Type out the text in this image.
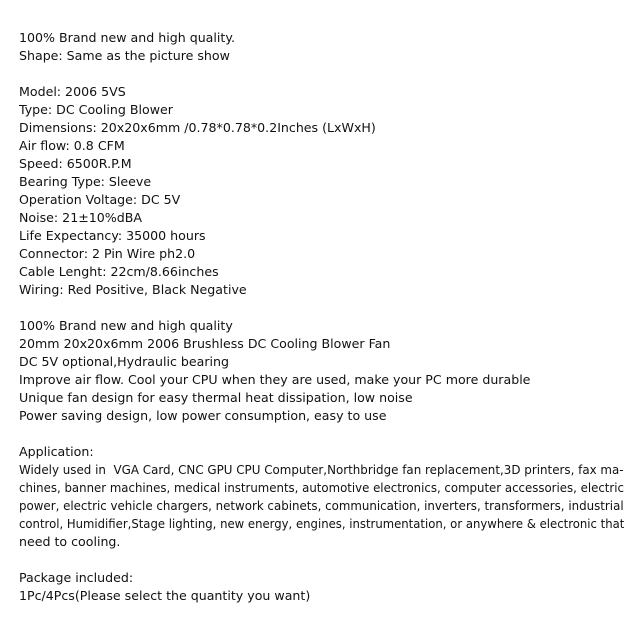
100% Brand new and high quality.
Shape: Same as the picture show
Model: 2006 5VS
Type: DC Cooling Blower
Dimensions: 20x20x6mm /0.78*0.78*0.2Inches (LxWxH)
Air flow: 0.8 CFM
Speed: 6500R.P.M
Bearing Type: Sleeve
Operation Voltage: DC 5V
Noise: 21±10%dBA
Life Expectancy: 35000 hours
Connector: 2 Pin Wire ph2.0
Cable Lenght: 22cm/8.66inches
Wiring: Red Positive, Black Negative
100% Brand new and high quality
20mm 20x20x6mm 2006 Brushless DC Cooling Blower Fan
DC 5V optional,Hydraulic bearing
Improve air flow. Cool your CPU when they are used, make your PC more durable
Unique fan design for easy thermal heat dissipation, low noise
Power saving design, low power consumption, easy to use
Application:
Widely used in  VGA Card, CNC GPU CPU Computer,Northbridge fan replacement,3D printers, fax ma-
chines, banner machines, medical instruments, automotive electronics, computer accessories, electric
power, electric vehicle chargers, network cabinets, communication, inverters, transformers, industrial
control, Humidifier,Stage lighting, new energy, engines, instrumentation, or anywhere & electronic that
need to cooling.
Package included:
1Pc/4Pcs(Please select the quantity you want)
